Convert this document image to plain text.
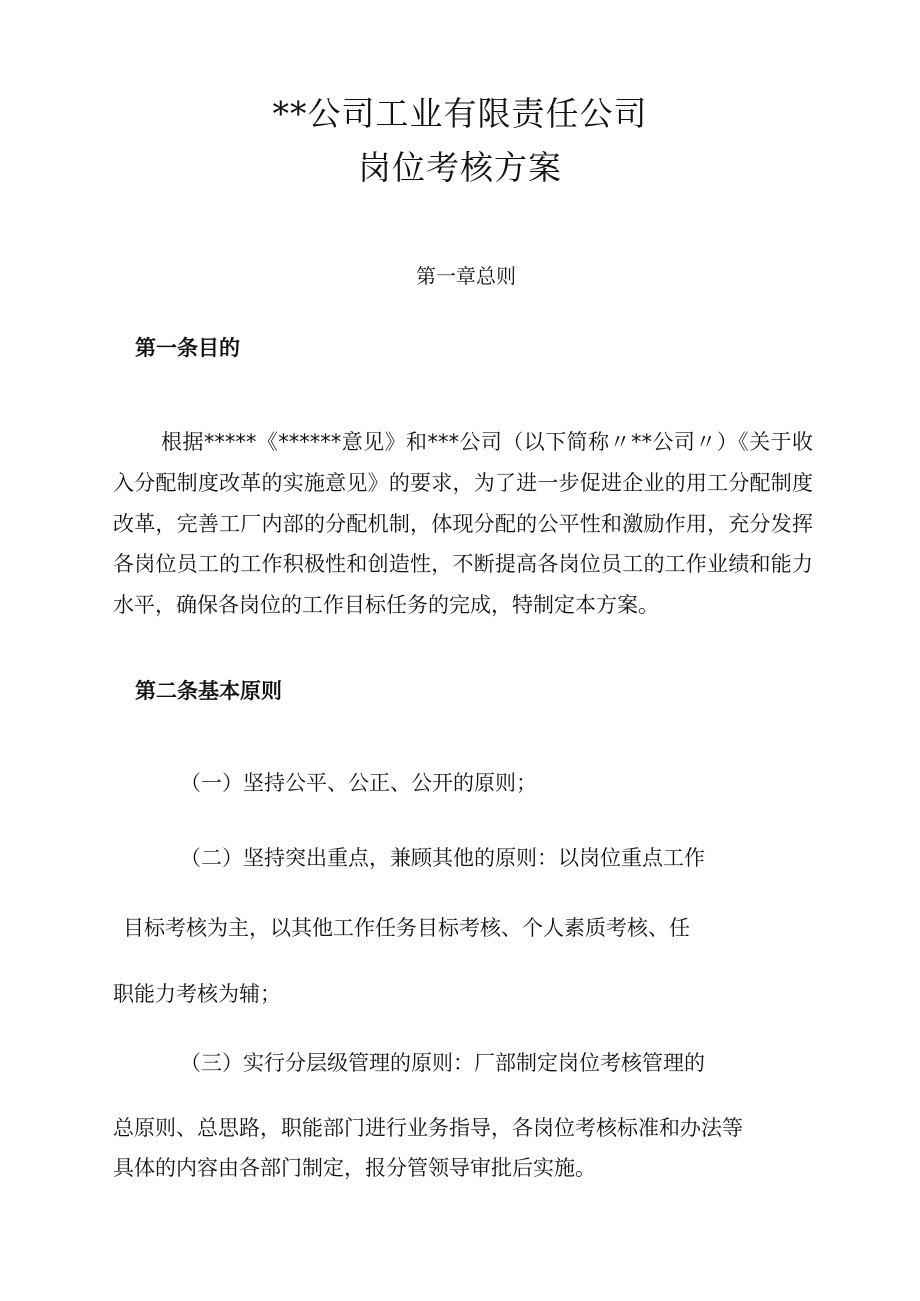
**公司工业有限责任公司
岗位考核方案
第一章总则
第一条目的
根据*****《******意见》和***公司（以下简称〃**公司〃）《关于收入分配制度改革的实施意见》的要求，为了进一步促进企业的用工分配制度改革，完善工厂内部的分配机制，体现分配的公平性和激励作用，充分发挥各岗位员工的工作积极性和创造性，不断提高各岗位员工的工作业绩和能力水平，确保各岗位的工作目标任务的完成，特制定本方案。
第二条基本原则
（一）坚持公平、公正、公开的原则；
（二）坚持突出重点，兼顾其他的原则：以岗位重点工作
目标考核为主，以其他工作任务目标考核、个人素质考核、任
职能力考核为辅；
（三）实行分层级管理的原则：厂部制定岗位考核管理的
总原则、总思路，职能部门进行业务指导，各岗位考核标准和办法等
具体的内容由各部门制定，报分管领导审批后实施。
